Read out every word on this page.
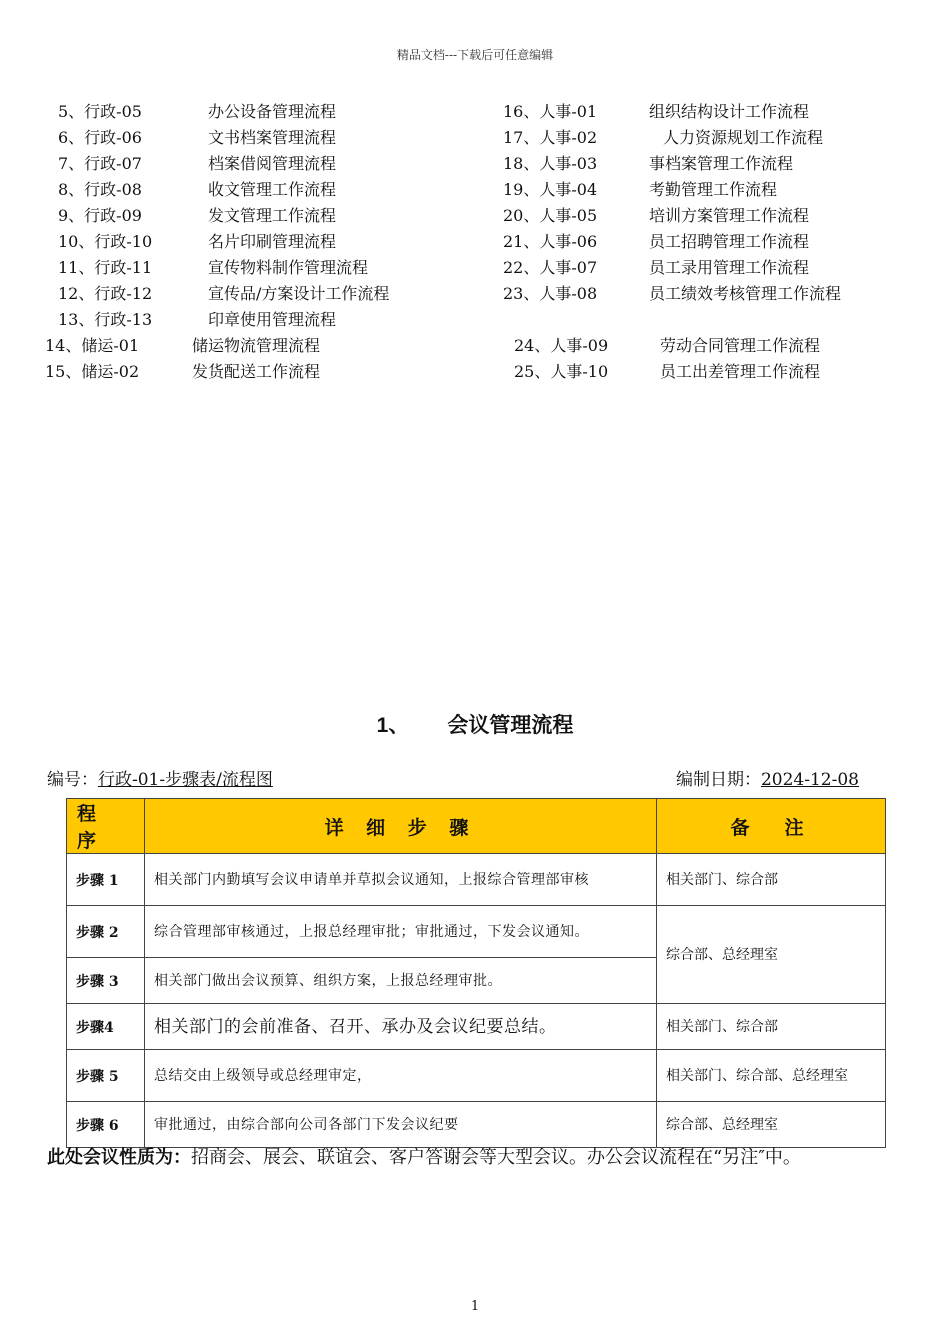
精品文档---下载后可任意编辑
5、行政-05	办公设备管理流程
6、行政-06	文书档案管理流程
7、行政-07	档案借阅管理流程
8、行政-08	收文管理工作流程
9、行政-09	发文管理工作流程
10、行政-10	名片印刷管理流程
11、行政-11	宣传物料制作管理流程
12、行政-12	宣传品/方案设计工作流程
13、行政-13	印章使用管理流程
14、储运-01	储运物流管理流程
15、储运-02	发货配送工作流程
16、人事-01	组织结构设计工作流程
17、人事-02	人力资源规划工作流程
18、人事-03	事档案管理工作流程
19、人事-04	考勤管理工作流程
20、人事-05	培训方案管理工作流程
21、人事-06	员工招聘管理工作流程
22、人事-07	员工录用管理工作流程
23、人事-08	员工绩效考核管理工作流程
24、人事-09	劳动合同管理工作流程
25、人事-10	员工出差管理工作流程
1、 会议管理流程
编号：行政-01-步骤表/流程图	编制日期：2024-12-08
程 序	详 细 步 骤	备　注
步骤 1	相关部门内勤填写会议申请单并草拟会议通知，上报综合管理部审核	相关部门、综合部
步骤 2	综合管理部审核通过，上报总经理审批；审批通过，下发会议通知。	综合部、总经理室
步骤 3	相关部门做出会议预算、组织方案，上报总经理审批。	
步骤4	相关部门的会前准备、召开、承办及会议纪要总结。	相关部门、综合部
步骤 5	总结交由上级领导或总经理审定，	相关部门、综合部、总经理室
步骤 6	审批通过，由综合部向公司各部门下发会议纪要	综合部、总经理室
此处会议性质为：招商会、展会、联谊会、客户答谢会等大型会议。办公会议流程在“另注″中。
1
